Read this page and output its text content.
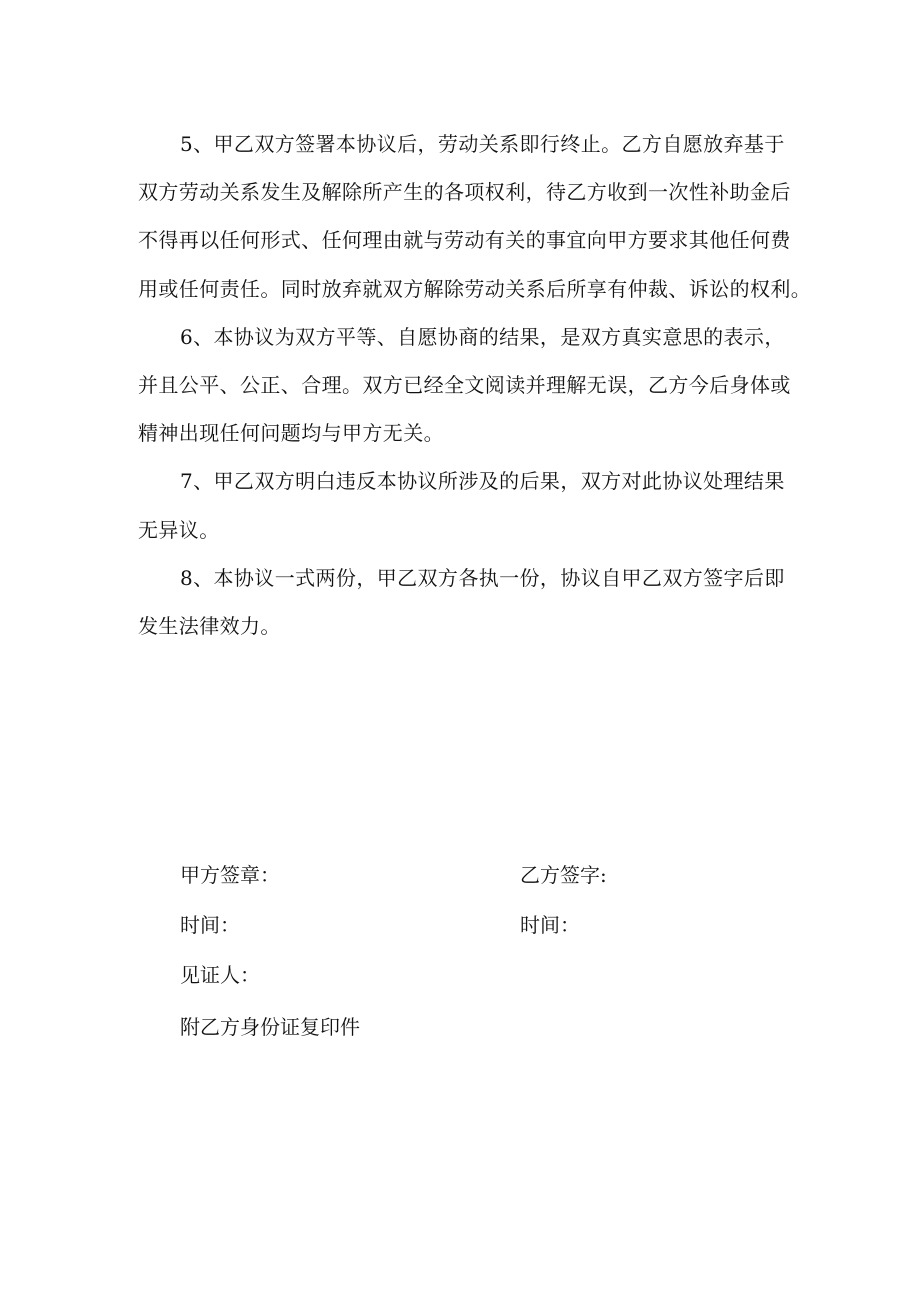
5、甲乙双方签署本协议后，劳动关系即行终止。乙方自愿放弃基于
双方劳动关系发生及解除所产生的各项权利，待乙方收到一次性补助金后
不得再以任何形式、任何理由就与劳动有关的事宜向甲方要求其他任何费
用或任何责任。同时放弃就双方解除劳动关系后所享有仲裁、诉讼的权利。
6、本协议为双方平等、自愿协商的结果，是双方真实意思的表示，
并且公平、公正、合理。双方已经全文阅读并理解无误，乙方今后身体或
精神出现任何问题均与甲方无关。
7、甲乙双方明白违反本协议所涉及的后果，双方对此协议处理结果
无异议。
8、本协议一式两份，甲乙双方各执一份，协议自甲乙双方签字后即
发生法律效力。
甲方签章：	乙方签字:
时间：	时间：
见证人：
附乙方身份证复印件
